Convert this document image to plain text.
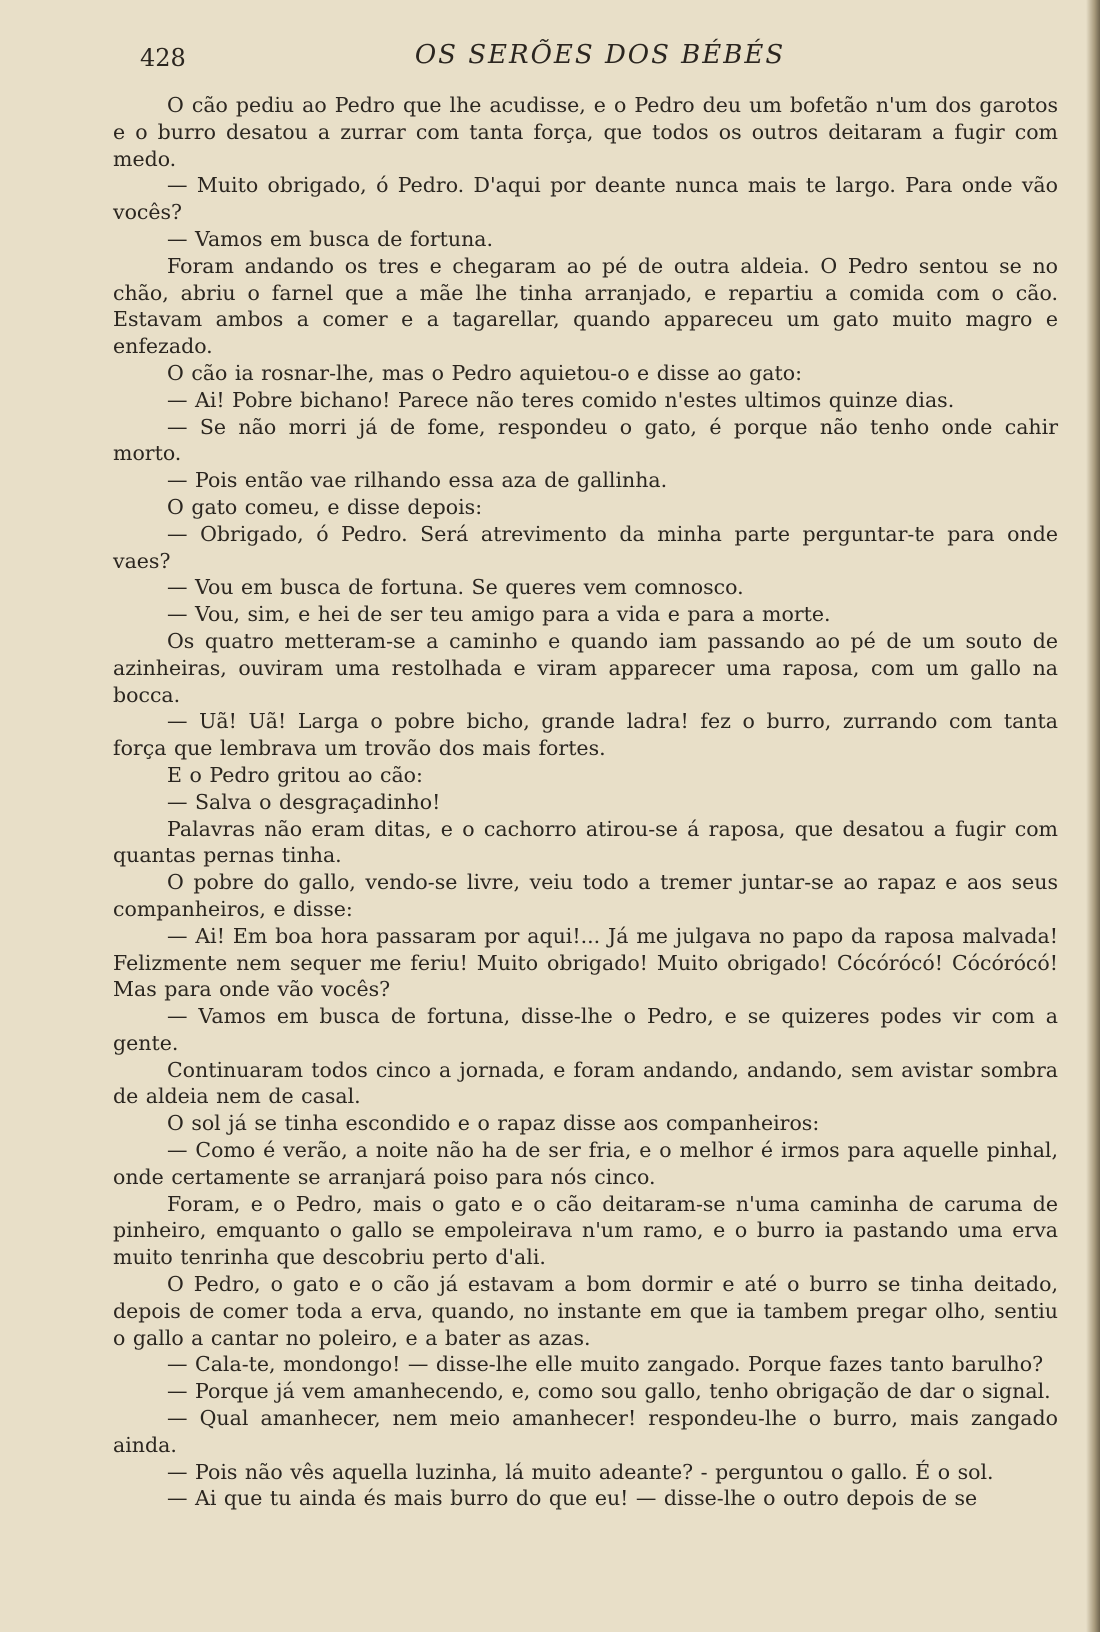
428	OS SERÕES DOS BÉBÉS

O cão pediu ao Pedro que lhe acudisse, e o Pedro deu um bofetão n'um dos garotos e o burro desatou a zurrar com tanta força, que todos os outros deitaram a fugir com medo.

— Muito obrigado, ó Pedro. D'aqui por deante nunca mais te largo. Para onde vão vocês?

— Vamos em busca de fortuna.

Foram andando os tres e chegaram ao pé de outra aldeia. O Pedro sentou se no chão, abriu o farnel que a mãe lhe tinha arranjado, e repartiu a comida com o cão. Estavam ambos a comer e a tagarellar, quando appareceu um gato muito magro e enfezado.

O cão ia rosnar-lhe, mas o Pedro aquietou-o e disse ao gato:

— Ai! Pobre bichano! Parece não teres comido n'estes ultimos quinze dias.

— Se não morri já de fome, respondeu o gato, é porque não tenho onde cahir morto.

— Pois então vae rilhando essa aza de gallinha.

O gato comeu, e disse depois:

— Obrigado, ó Pedro. Será atrevimento da minha parte perguntar-te para onde vaes?

— Vou em busca de fortuna. Se queres vem comnosco.

— Vou, sim, e hei de ser teu amigo para a vida e para a morte.

Os quatro metteram-se a caminho e quando iam passando ao pé de um souto de azinheiras, ouviram uma restolhada e viram apparecer uma raposa, com um gallo na bocca.

— Uã! Uã! Larga o pobre bicho, grande ladra! fez o burro, zurrando com tanta força que lembrava um trovão dos mais fortes.

E o Pedro gritou ao cão:

— Salva o desgraçadinho!

Palavras não eram ditas, e o cachorro atirou-se á raposa, que desatou a fugir com quantas pernas tinha.

O pobre do gallo, vendo-se livre, veiu todo a tremer juntar-se ao rapaz e aos seus companheiros, e disse:

— Ai! Em boa hora passaram por aqui!... Já me julgava no papo da raposa malvada! Felizmente nem sequer me feriu! Muito obrigado! Muito obrigado! Cócórócó! Cócórócó! Mas para onde vão vocês?

— Vamos em busca de fortuna, disse-lhe o Pedro, e se quizeres podes vir com a gente.

Continuaram todos cinco a jornada, e foram andando, andando, sem avistar sombra de aldeia nem de casal.

O sol já se tinha escondido e o rapaz disse aos companheiros:

— Como é verão, a noite não ha de ser fria, e o melhor é irmos para aquelle pinhal, onde certamente se arranjará poiso para nós cinco.

Foram, e o Pedro, mais o gato e o cão deitaram-se n'uma caminha de caruma de pinheiro, emquanto o gallo se empoleirava n'um ramo, e o burro ia pastando uma erva muito tenrinha que descobriu perto d'ali.

O Pedro, o gato e o cão já estavam a bom dormir e até o burro se tinha deitado, depois de comer toda a erva, quando, no instante em que ia tambem pregar olho, sentiu o gallo a cantar no poleiro, e a bater as azas.

— Cala-te, mondongo! — disse-lhe elle muito zangado. Porque fazes tanto barulho?

— Porque já vem amanhecendo, e, como sou gallo, tenho obrigação de dar o signal.

— Qual amanhecer, nem meio amanhecer! respondeu-lhe o burro, mais zangado ainda.

— Pois não vês aquella luzinha, lá muito adeante? - perguntou o gallo. É o sol.

— Ai que tu ainda és mais burro do que eu! — disse-lhe o outro depois de se
